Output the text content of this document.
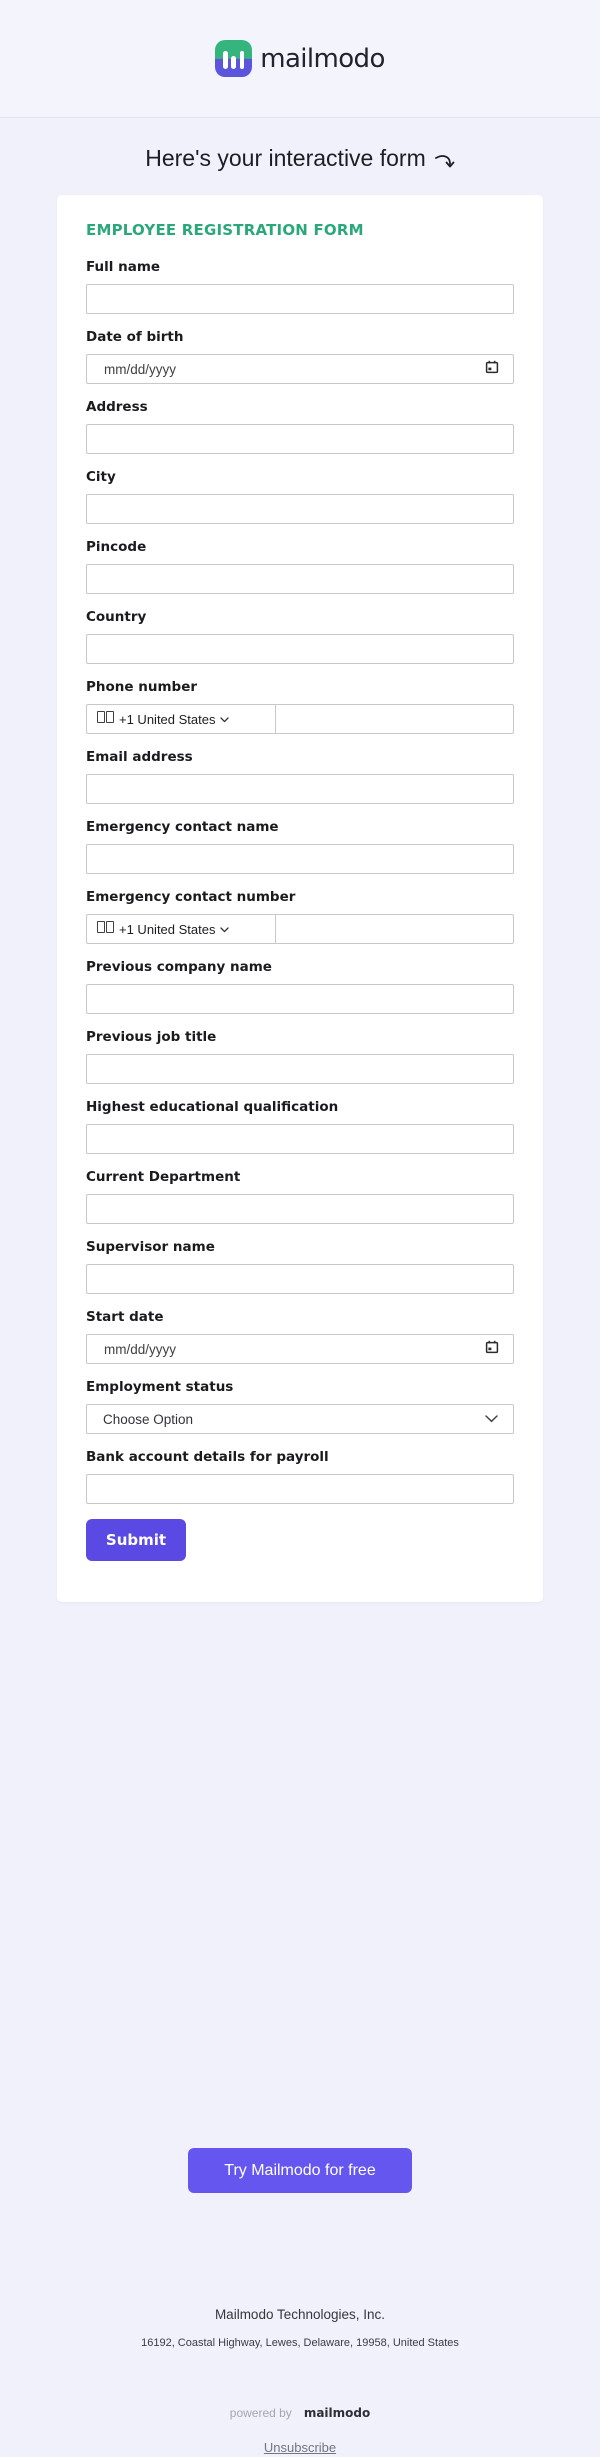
mailmodo
Here's your interactive form
EMPLOYEE REGISTRATION FORM
Full name
Date of birth
mm/dd/yyyy
Address
City
Pincode
Country
Phone number
+1 United States
Email address
Emergency contact name
Emergency contact number
+1 United States
Previous company name
Previous job title
Highest educational qualification
Current Department
Supervisor name
Start date
mm/dd/yyyy
Employment status
Choose Option
Bank account details for payroll
Submit
Try Mailmodo for free
Mailmodo Technologies, Inc.
16192, Coastal Highway, Lewes, Delaware, 19958, United States
powered by mailmodo
Unsubscribe
